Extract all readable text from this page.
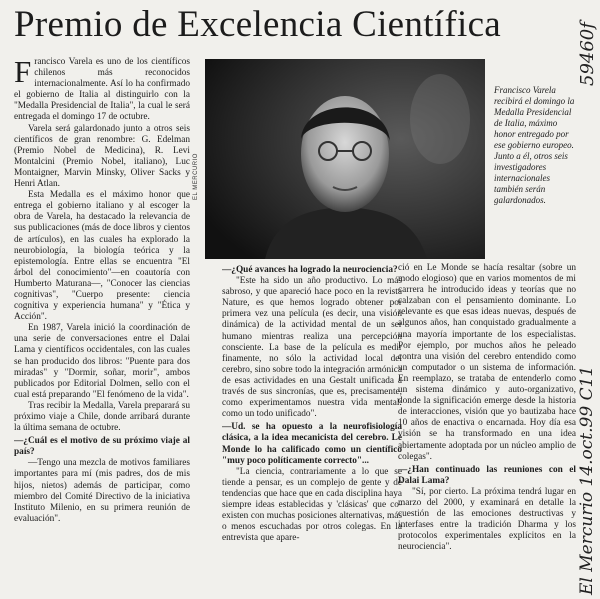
Premio de Excelencia Científica

Francisco Varela es uno de los científicos chilenos más reconocidos internacionalmente. Así lo ha confirmado el gobierno de Italia al distinguirlo con la "Medalla Presidencial de Italia", la cual le será entregada el domingo 17 de octubre.

Varela será galardonado junto a otros seis científicos de gran renombre: G. Edelman (Premio Nobel de Medicina), R. Levi Montalcini (Premio Nobel, italiano), Luc Montaigner, Marvin Minsky, Oliver Sacks y Henri Atlan.

Esta Medalla es el máximo honor que entrega el gobierno italiano y al escoger la obra de Varela, ha destacado la relevancia de sus publicaciones (más de doce libros y cientos de artículos), en las cuales ha explorado la neurobiología, la biología teórica y la epistemología. Entre ellas se encuentra "El árbol del conocimiento"—en coautoría con Humberto Maturana—, "Conocer las ciencias cognitivas", "Cuerpo presente: ciencia cognitiva y experiencia humana" y "Ética y Acción".

En 1987, Varela inició la coordinación de una serie de conversaciones entre el Dalai Lama y científicos occidentales, con las cuales se han producido dos libros: "Puente para dos miradas" y "Dormir, soñar, morir", ambos publicados por Editorial Dolmen, sello con el cual está preparando "El fenómeno de la vida".

Tras recibir la Medalla, Varela preparará su próximo viaje a Chile, donde arribará durante la última semana de octubre.

—¿Cuál es el motivo de su próximo viaje al país?

—Tengo una mezcla de motivos familiares importantes para mí (mis padres, dos de mis hijos, nietos) además de participar, como miembro del Comité Directivo de la iniciativa Instituto Milenio, en su primera reunión de evaluación".

EL MERCURIO
Francisco Varela recibirá el domingo la Medalla Presidencial de Italia, máximo honor entregado por ese gobierno europeo. Junto a él, otros seis investigadores internacionales también serán galardonados.

—¿Qué avances ha logrado la neurociencia?

"Este ha sido un año productivo. Lo más sabroso, y que apareció hace poco en la revista Nature, es que hemos logrado obtener por primera vez una película (es decir, una visión dinámica) de la actividad mental de un ser humano mientras realiza una percepción consciente. La base de la película es medir finamente, no sólo la actividad local del cerebro, sino sobre todo la integración armónica de esas actividades en una Gestalt unificada a través de sus sincronías, que es, precisamente, como experimentamos nuestra vida mental: como un todo unificado".

—Ud. se ha opuesto a la neurofisiología clásica, a la idea mecanicista del cerebro. Le Monde lo ha calificado como un científico "muy poco políticamente correcto"...

"La ciencia, contrariamente a lo que se tiende a pensar, es un complejo de gente y de tendencias que hace que en cada disciplina haya siempre ideas establecidas y 'clásicas' que co-existen con muchas posiciones alternativas, más o menos escuchadas por otros colegas. En la entrevista que apare-

ció en Le Monde se hacía resaltar (sobre un modo elogioso) que en varios momentos de mi carrera he introducido ideas y teorías que no calzaban con el pensamiento dominante. Lo relevante es que esas ideas nuevas, después de algunos años, han conquistado gradualmente a una mayoría importante de los especialistas. Por ejemplo, por muchos años he peleado contra una visión del cerebro entendido como un computador o un sistema de información. En reemplazo, se trataba de entenderlo como un sistema dinámico y auto-organizativo, donde la significación emerge desde la historia de interacciones, visión que yo bautizaba hace 10 años de enactiva o encarnada. Hoy día esa visión se ha transformado en una idea abiertamente adoptada por un núcleo amplio de colegas".

—¿Han continuado las reuniones con el Dalai Lama?

"Sí, por cierto. La próxima tendrá lugar en marzo del 2000, y examinará en detalle la cuestión de las emociones destructivas y interfases entre la tradición Dharma y los protocolos experimentales explícitos en la neurociencia".

59460f
El Mercurio 14.oct.99 C11
